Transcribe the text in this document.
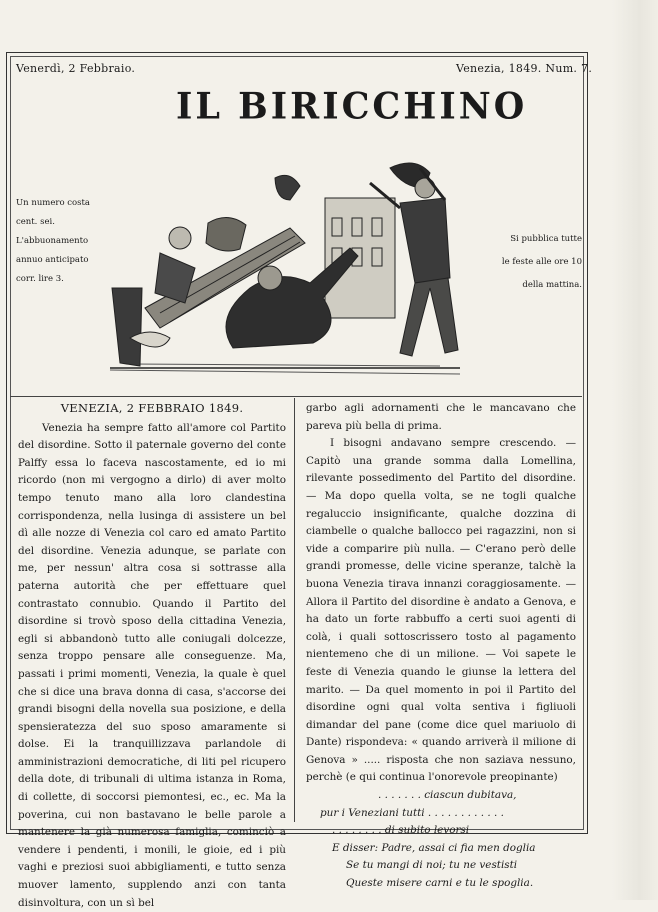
Venerdì, 2 Febbraio.	Venezia, 1849. Num. 7.
IL BIRICCHINO
Un numero costa
cent. sei.
L'abbuonamento
annuo anticipato
corr. lire 3.
Si pubblica tutte
le feste alle ore 10
della mattina.
VENEZIA, 2 FEBBRAIO 1849.

Venezia ha sempre fatto all'amore col Partito del disordine. Sotto il paternale governo del conte Palffy essa lo faceva nascostamente, ed io mi ricordo (non mi vergogno a dirlo) di aver molto tempo tenuto mano alla loro clandestina corrispondenza, nella lusinga di assistere un bel dì alle nozze di Venezia col caro ed amato Partito del disordine. Venezia adunque, se parlate con me, per nessun' altra cosa si sottrasse alla paterna autorità che per effettuare quel contrastato connubio. Quando il Partito del disordine si trovò sposo della cittadina Venezia, egli si abbandonò tutto alle coniugali dolcezze, senza troppo pensare alle conseguenze. Ma, passati i primi momenti, Venezia, la quale è quel che si dice una brava donna di casa, s'accorse dei grandi bisogni della novella sua posizione, e della spensieratezza del suo sposo amaramente si dolse. Ei la tranquillizzava parlandole di amministrazioni democratiche, di liti pel ricupero della dote, di tribunali di ultima istanza in Roma, di collette, di soccorsi piemontesi, ec., ec. Ma la poverina, cui non bastavano le belle parole a mantenere la già numerosa famiglia, cominciò a vendere i pendenti, i monili, le gioie, ed i più vaghi e preziosi suoi abbigliamenti, e tutto senza muover lamento, supplendo anzi con tanta disinvoltura, con un sì bel

garbo agli adornamenti che le mancavano che pareva più bella di prima.

I bisogni andavano sempre crescendo. — Capitò una grande somma dalla Lomellina, rilevante possedimento del Partito del disordine. — Ma dopo quella volta, se ne togli qualche regaluccio insignificante, qualche dozzina di ciambelle o qualche balloccо pei ragazzini, non si vide a comparire più nulla. — C'erano però delle grandi promesse, delle vicine speranze, talchè la buona Venezia tirava innanzi coraggiosamente. — Allora il Partito del disordine è andato a Genova, e ha dato un forte rabbuffo a certi suoi agenti di colà, i quali sottoscrissero tosto al pagamento nientemeno che di un milione. — Voi sapete le feste di Venezia quando le giunse la lettera del marito. — Da quel momento in poi il Partito del disordine ogni qual volta sentiva i figliuoli dimandar del pane (come dice quel mariuolo di Dante) rispondeva: « quando arriverà il milione di Genova » ..... risposta che non saziava nessuno, perchè (e qui continua l'onorevole preopinante)

. . . . . . . ciascun dubitava,
pur i Veneziani tutti . . . . . . . . . . . .
. . . . . . . . di subito levorsi
E disser: Padre, assai ci fia men doglia
Se tu mangi di noi; tu ne vestisti
Queste misere carni e tu le spoglia.
